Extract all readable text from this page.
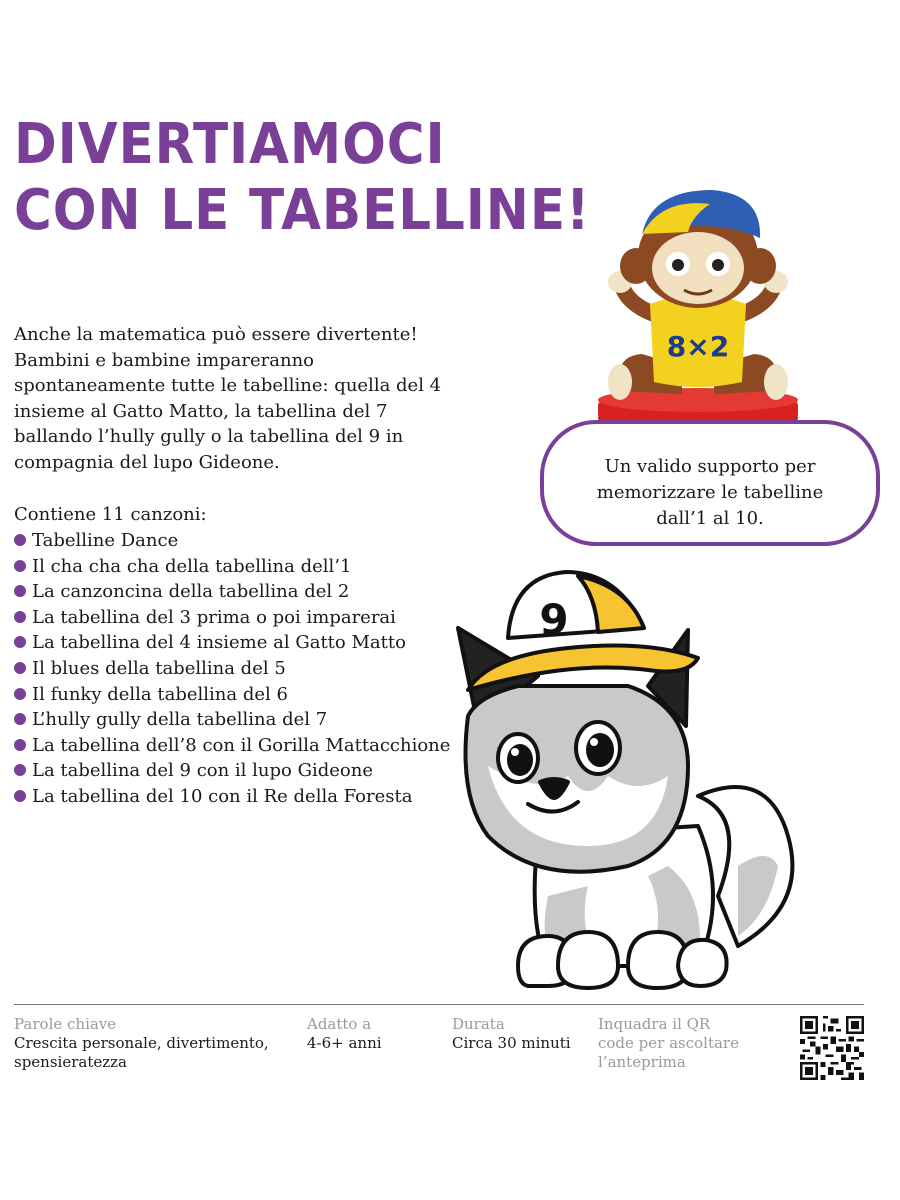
DIVERTIAMOCI
CON LE TABELLINE!

Anche la matematica può essere divertente! Bambini e bambine impareranno spontaneamente tutte le tabelline: quella del 4 insieme al Gatto Matto, la tabellina del 7 ballando l’hully gully o la tabellina del 9 in compagnia del lupo Gideone.

Contiene 11 canzoni:

Tabelline Dance
Il cha cha cha della tabellina dell’1
La canzoncina della tabellina del 2
La tabellina del 3 prima o poi imparerai
La tabellina del 4 insieme al Gatto Matto
Il blues della tabellina del 5
Il funky della tabellina del 6
L’hully gully della tabellina del 7
La tabellina dell’8 con il Gorilla Mattacchione
La tabellina del 9 con il lupo Gideone
La tabellina del 10 con il Re della Foresta
8×2
Un valido supporto per
memorizzare le tabelline
dall’1 al 10.
9
Parole chiave
Crescita personale, divertimento,
spensieratezza
Adatto a
4-6+ anni
Durata
Circa 30 minuti
Inquadra il QR
code per ascoltare
l’anteprima
